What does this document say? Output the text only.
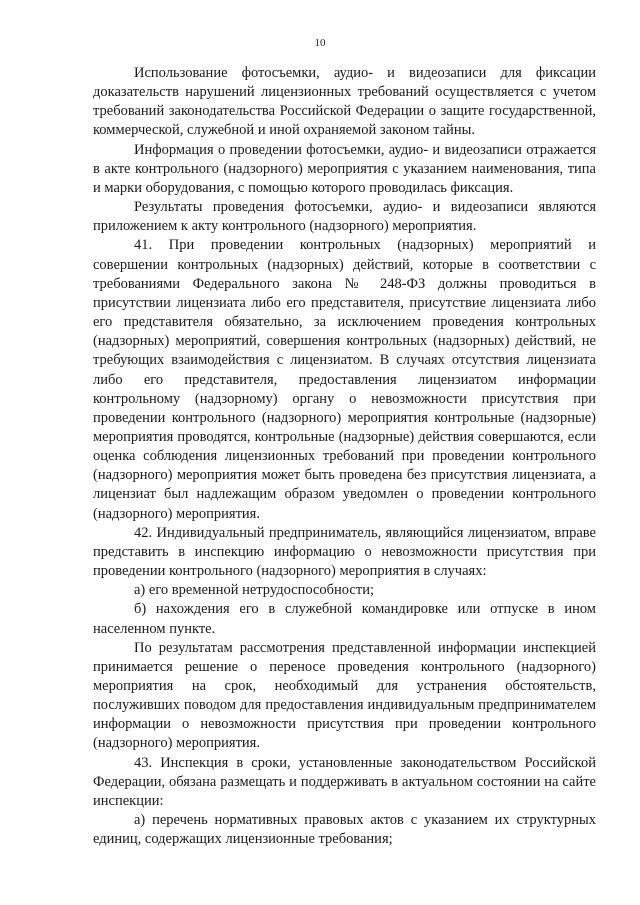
10

Использование фотосъемки, аудио- и видеозаписи для фиксации доказательств нарушений лицензионных требований осуществляется с учетом требований законодательства Российской Федерации о защите государственной, коммерческой, служебной и иной охраняемой законом тайны.

Информация о проведении фотосъемки, аудио- и видеозаписи отражается в акте контрольного (надзорного) мероприятия с указанием наименования, типа и марки оборудования, с помощью которого проводилась фиксация.

Результаты проведения фотосъемки, аудио- и видеозаписи являются приложением к акту контрольного (надзорного) мероприятия.

41. При проведении контрольных (надзорных) мероприятий и совершении контрольных (надзорных) действий, которые в соответствии с требованиями Федерального закона № 248-ФЗ должны проводиться в присутствии лицензиата либо его представителя, присутствие лицензиата либо его представителя обязательно, за исключением проведения контрольных (надзорных) мероприятий, совершения контрольных (надзорных) действий, не требующих взаимодействия с лицензиатом. В случаях отсутствия лицензиата либо его представителя, предоставления лицензиатом информации контрольному (надзорному) органу о невозможности присутствия при проведении контрольного (надзорного) мероприятия контрольные (надзорные) мероприятия проводятся, контрольные (надзорные) действия совершаются, если оценка соблюдения лицензионных требований при проведении контрольного (надзорного) мероприятия может быть проведена без присутствия лицензиата, а лицензиат был надлежащим образом уведомлен о проведении контрольного (надзорного) мероприятия.

42. Индивидуальный предприниматель, являющийся лицензиатом, вправе представить в инспекцию информацию о невозможности присутствия при проведении контрольного (надзорного) мероприятия в случаях:

а) его временной нетрудоспособности;

б) нахождения его в служебной командировке или отпуске в ином населенном пункте.

По результатам рассмотрения представленной информации инспекцией принимается решение о переносе проведения контрольного (надзорного) мероприятия на срок, необходимый для устранения обстоятельств, послуживших поводом для предоставления индивидуальным предпринимателем информации о невозможности присутствия при проведении контрольного (надзорного) мероприятия.

43. Инспекция в сроки, установленные законодательством Российской Федерации, обязана размещать и поддерживать в актуальном состоянии на сайте инспекции:

а) перечень нормативных правовых актов с указанием их структурных единиц, содержащих лицензионные требования;
